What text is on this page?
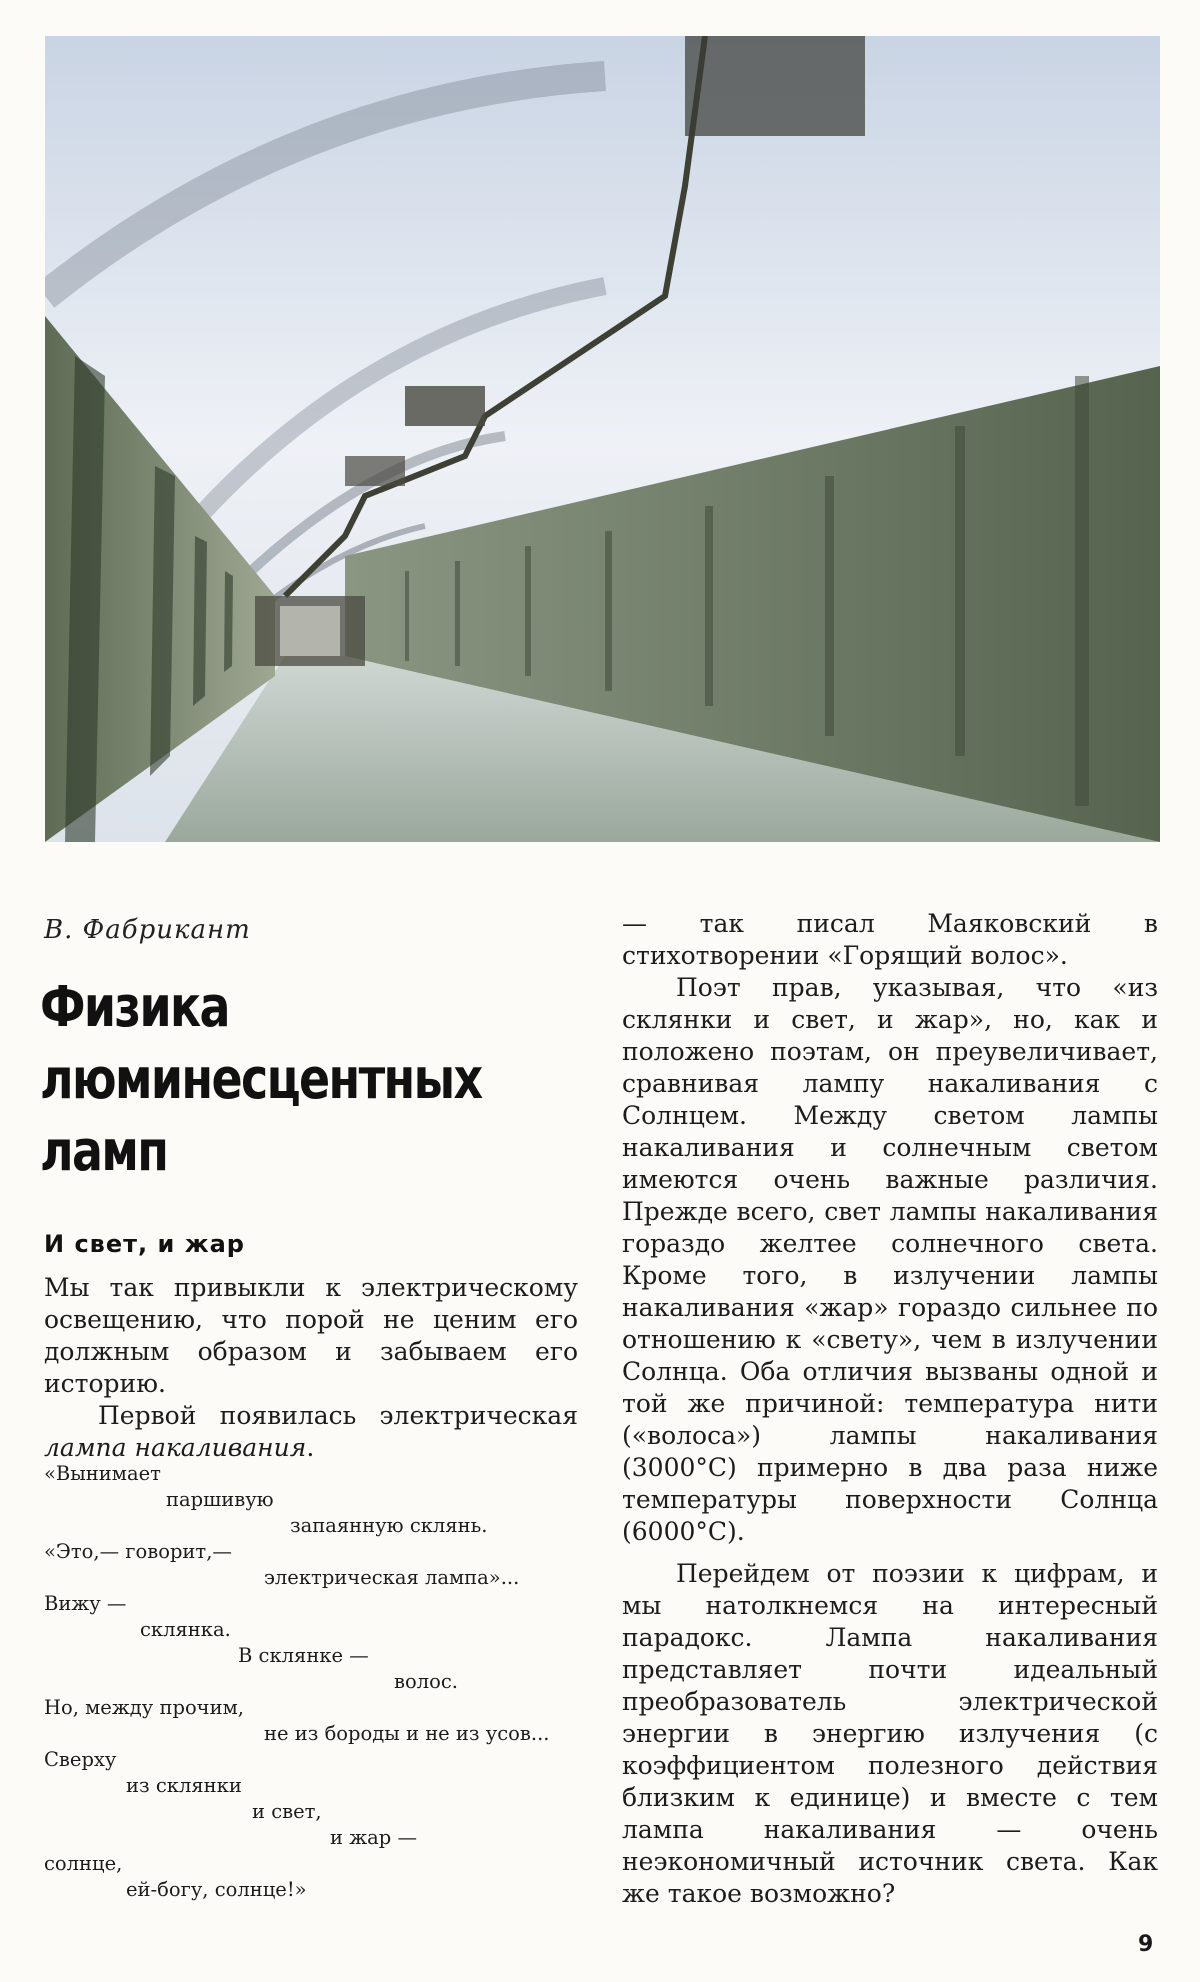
В. Фабрикант
Физика
люминесцентных
ламп
И свет, и жар

Мы так привыкли к электрическому освещению, что порой не ценим его должным образом и забываем его историю.

Первой появилась электрическая лампа накаливания.

«Вынимает
паршивую
запаянную склянь.
«Это,— говорит,—
электрическая лампа»...
Вижу —
склянка.
В склянке —
волос.
Но, между прочим,
не из бороды и не из усов...
Сверху
из склянки
и свет,
и жар —
солнце,
ей-богу, солнце!»

— так писал Маяковский в стихотворении «Горящий волос».

Поэт прав, указывая, что «из склянки и свет, и жар», но, как и положено поэтам, он преувеличивает, сравнивая лампу накаливания с Солнцем. Между светом лампы накаливания и солнечным светом имеются очень важные различия. Прежде всего, свет лампы накаливания гораздо желтее солнечного света. Кроме того, в излучении лампы накаливания «жар» гораздо сильнее по отношению к «свету», чем в излучении Солнца. Оба отличия вызваны одной и той же причиной: температура нити («волоса») лампы накаливания (3000°С) примерно в два раза ниже температуры поверхности Солнца (6000°С).

Перейдем от поэзии к цифрам, и мы натолкнемся на интересный парадокс. Лампа накаливания представляет почти идеальный преобразователь электрической энергии в энергию излучения (с коэффициентом полезного действия близким к единице) и вместе с тем лампа накаливания — очень неэкономичный источник света. Как же такое возможно?

9
